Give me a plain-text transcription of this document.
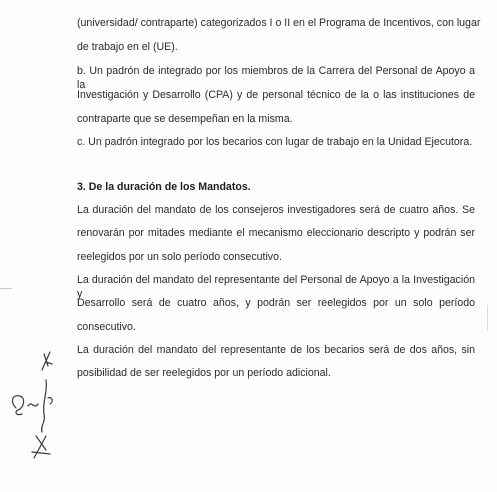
(universidad/ contraparte) categorizados I o II en el Programa de Incentivos, con lugar
de trabajo en el (UE).
b. Un padrón de integrado por los miembros de la Carrera del Personal de Apoyo a la
Investigación y Desarrollo (CPA) y de personal técnico de la o las instituciones de
contraparte que se desempeñan en la misma.
c. Un padrón integrado por los becarios con lugar de trabajo en la Unidad Ejecutora.
3. De la duración de los Mandatos.
La duración del mandato de los consejeros investigadores será de cuatro años. Se
renovarán por mitades mediante el mecanismo eleccionario descripto y podrán ser
reelegidos por un solo período consecutivo.
La duración del mandato del representante del Personal de Apoyo a la Investigación y
Desarrollo será de cuatro años, y podrán ser reelegidos por un solo período
consecutivo.
La duración del mandato del representante de los becarios será de dos años, sin
posibilidad de ser reelegidos por un período adicional.
